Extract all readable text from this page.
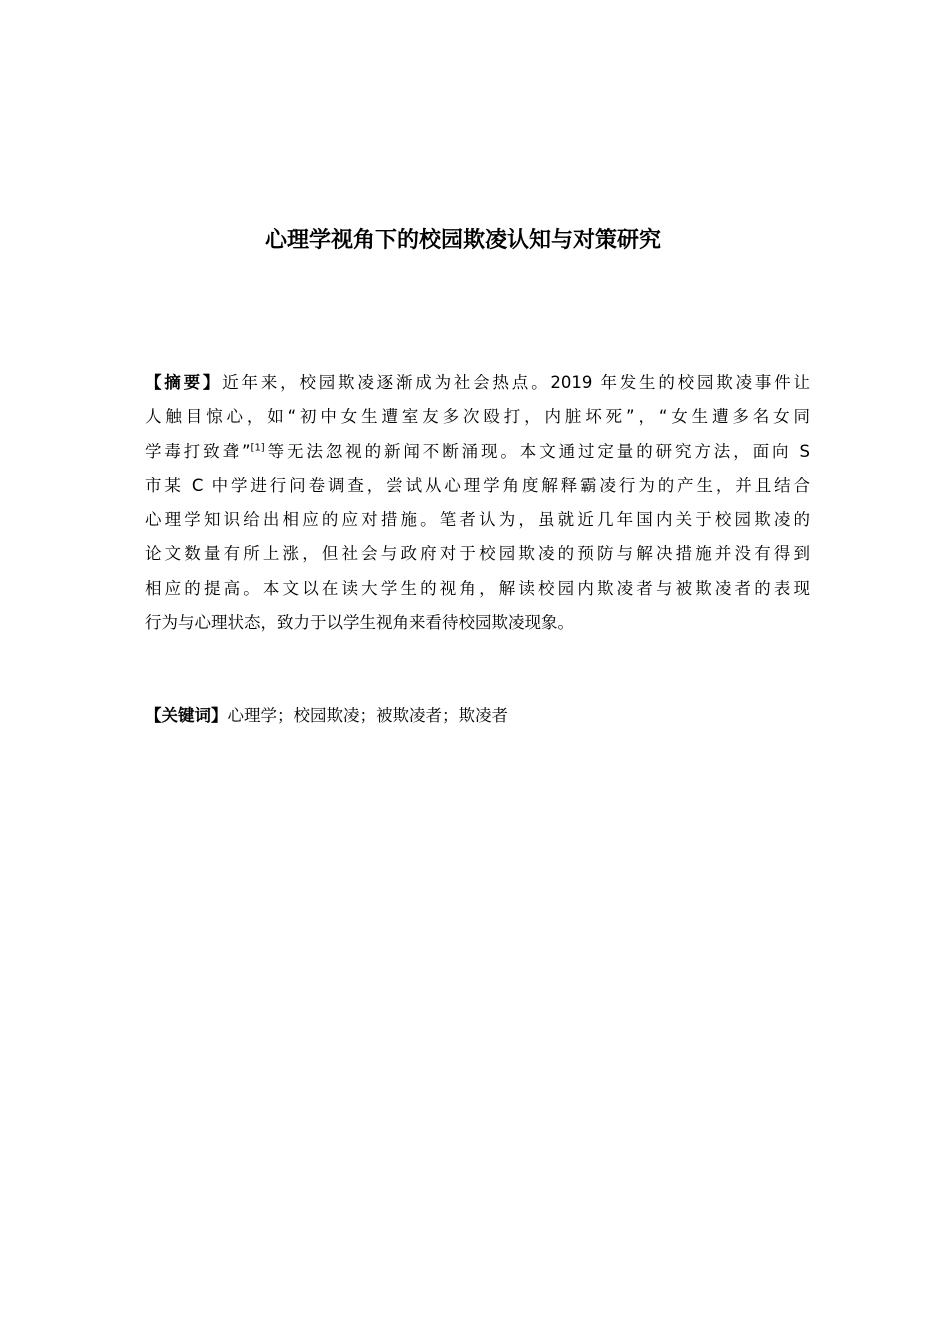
心理学视角下的校园欺凌认知与对策研究
【摘要】近年来，校园欺凌逐渐成为社会热点。2019 年发生的校园欺凌事件让
人触目惊心，如“初中女生遭室友多次殴打，内脏坏死”，“女生遭多名女同
学毒打致聋”[1]等无法忽视的新闻不断涌现。本文通过定量的研究方法，面向 S
市某 C 中学进行问卷调查，尝试从心理学角度解释霸凌行为的产生，并且结合
心理学知识给出相应的应对措施。笔者认为，虽就近几年国内关于校园欺凌的
论文数量有所上涨，但社会与政府对于校园欺凌的预防与解决措施并没有得到
相应的提高。本文以在读大学生的视角，解读校园内欺凌者与被欺凌者的表现
行为与心理状态，致力于以学生视角来看待校园欺凌现象。
【关键词】心理学；校园欺凌；被欺凌者；欺凌者
